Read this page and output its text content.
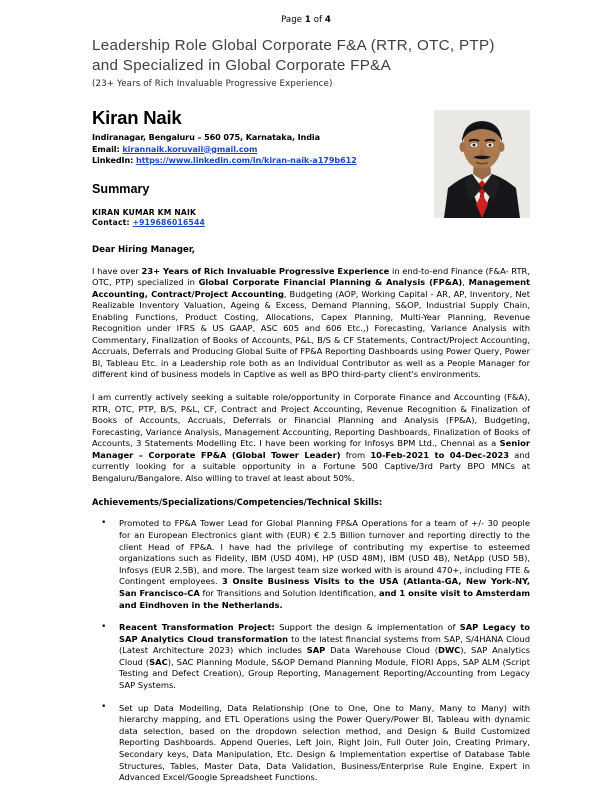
Page 1 of 4
Leadership Role Global Corporate F&A (RTR, OTC, PTP)
and Specialized in Global Corporate FP&A
(23+ Years of Rich Invaluable Progressive Experience)
Kiran Naik
Indiranagar, Bengaluru – 560 075, Karnataka, India
Email: kirannaik.koruvail@gmail.com
LinkedIn: https://www.linkedin.com/in/kiran-naik-a179b612
Summary
KIRAN KUMAR KM NAIK
Contact: +919686016544
Dear Hiring Manager,
I have over 23+ Years of Rich Invaluable Progressive Experience in end-to-end Finance (F&A- RTR, OTC, PTP) specialized in Global Corporate Financial Planning & Analysis (FP&A), Management Accounting, Contract/Project Accounting, Budgeting (AOP, Working Capital - AR, AP, Inventory, Net Realizable Inventory Valuation, Ageing & Excess, Demand Planning, S&OP, Industrial Supply Chain, Enabling Functions, Product Costing, Allocations, Capex Planning, Multi-Year Planning, Revenue Recognition under IFRS & US GAAP, ASC 605 and 606 Etc.,) Forecasting, Variance Analysis with Commentary, Finalization of Books of Accounts, P&L, B/S & CF Statements, Contract/Project Accounting, Accruals, Deferrals and Producing Global Suite of FP&A Reporting Dashboards using Power Query, Power BI, Tableau Etc. in a Leadership role both as an Individual Contributor as well as a People Manager for different kind of business models in Captive as well as BPO third-party client's environments.
I am currently actively seeking a suitable role/opportunity in Corporate Finance and Accounting (F&A), RTR, OTC, PTP, B/S, P&L, CF, Contract and Project Accounting, Revenue Recognition & Finalization of Books of Accounts, Accruals, Deferrals or Financial Planning and Analysis (FP&A), Budgeting, Forecasting, Variance Analysis, Management Accounting, Reporting Dashboards, Finalization of Books of Accounts, 3 Statements Modelling Etc. I have been working for Infosys BPM Ltd., Chennai as a Senior Manager – Corporate FP&A (Global Tower Leader) from 10-Feb-2021 to 04-Dec-2023 and currently looking for a suitable opportunity in a Fortune 500 Captive/3rd Party BPO MNCs at Bengaluru/Bangalore. Also willing to travel at least about 50%.
Achievements/Specializations/Competencies/Technical Skills:
• Promoted to FP&A Tower Lead for Global Planning FP&A Operations for a team of +/- 30 people for an European Electronics giant with (EUR) € 2.5 Billion turnover and reporting directly to the client Head of FP&A. I have had the privilege of contributing my expertise to esteemed organizations such as Fidelity, IBM (USD 40M), HP (USD 48M), IBM (USD 4B), NetApp (USD 5B), Infosys (EUR 2.5B), and more. The largest team size worked with is around 470+, including FTE & Contingent employees. 3 Onsite Business Visits to the USA (Atlanta-GA, New York-NY, San Francisco-CA for Transitions and Solution Identification, and 1 onsite visit to Amsterdam and Eindhoven in the Netherlands.
• Reacent Transformation Project: Support the design & implementation of SAP Legacy to SAP Analytics Cloud transformation to the latest financial systems from SAP, S/4HANA Cloud (Latest Architecture 2023) which includes SAP Data Warehouse Cloud (DWC), SAP Analytics Cloud (SAC), SAC Planning Module, S&OP Demand Planning Module, FIORI Apps, SAP ALM (Script Testing and Defect Creation), Group Reporting, Management Reporting/Accounting from Legacy SAP Systems.
• Set up Data Modelling, Data Relationship (One to One, One to Many, Many to Many) with hierarchy mapping, and ETL Operations using the Power Query/Power BI, Tableau with dynamic data selection, based on the dropdown selection method, and Design & Build Customized Reporting Dashboards. Append Queries, Left Join, Right Join, Full Outer Join, Creating Primary, Secondary keys, Data Manipulation, Etc. Design & Implementation expertise of Database Table Structures, Tables, Master Data, Data Validation, Business/Enterprise Rule Engine. Expert in Advanced Excel/Google Spreadsheet Functions.
